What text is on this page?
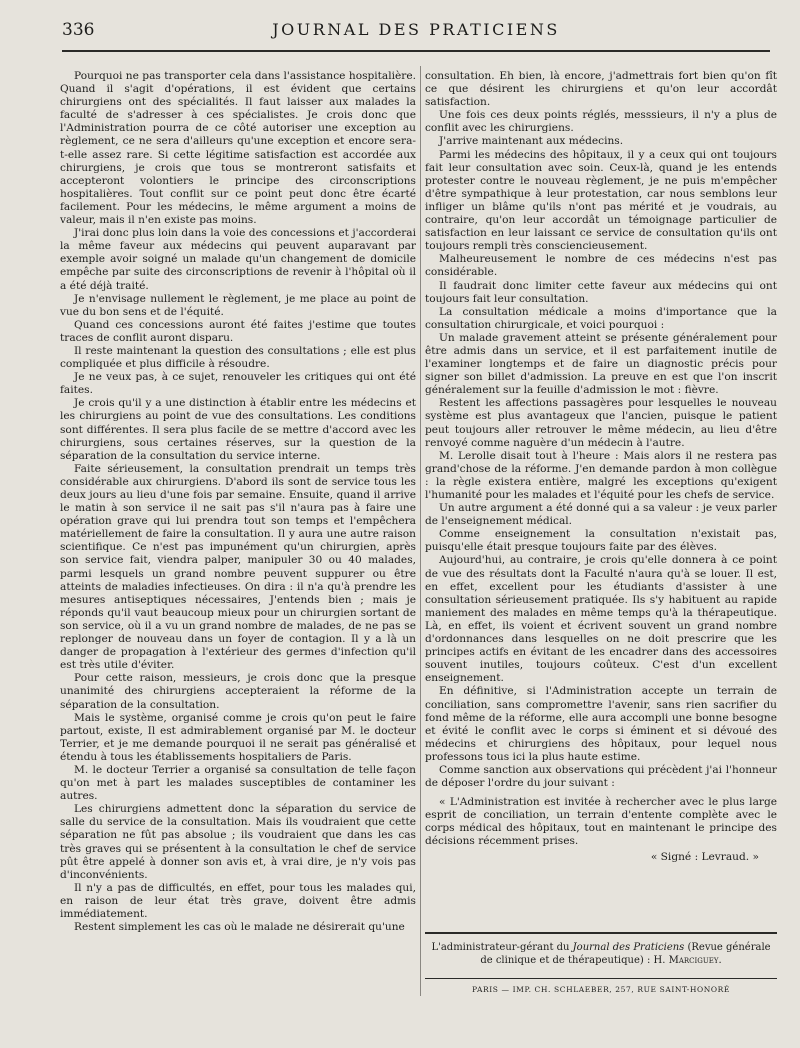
336	JOURNAL DES PRATICIENS

Pourquoi ne pas transporter cela dans l'assistance hospitalière. Quand il s'agit d'opérations, il est évident que certains chirurgiens ont des spécialités. Il faut laisser aux malades la faculté de s'adresser à ces spécialistes. Je crois donc que l'Administration pourra de ce côté autoriser une exception au règlement, ce ne sera d'ailleurs qu'une exception et encore sera-t-elle assez rare. Si cette légitime satisfaction est accordée aux chirurgiens, je crois que tous se montreront satisfaits et accepteront volontiers le principe des circonscriptions hospitalières. Tout conflit sur ce point peut donc être écarté facilement. Pour les médecins, le même argument a moins de valeur, mais il n'en existe pas moins.

J'irai donc plus loin dans la voie des concessions et j'accorderai la même faveur aux médecins qui peuvent auparavant par exemple avoir soigné un malade qu'un changement de domicile empêche par suite des circonscriptions de revenir à l'hôpital où il a été déjà traité.

Je n'envisage nullement le règlement, je me place au point de vue du bon sens et de l'équité.

Quand ces concessions auront été faites j'estime que toutes traces de conflit auront disparu.

Il reste maintenant la question des consultations ; elle est plus compliquée et plus difficile à résoudre.

Je ne veux pas, à ce sujet, renouveler les critiques qui ont été faites.

Je crois qu'il y a une distinction à établir entre les médecins et les chirurgiens au point de vue des consultations. Les conditions sont différentes. Il sera plus facile de se mettre d'accord avec les chirurgiens, sous certaines réserves, sur la question de la séparation de la consultation du service interne.

Faite sérieusement, la consultation prendrait un temps très considérable aux chirurgiens. D'abord ils sont de service tous les deux jours au lieu d'une fois par semaine. Ensuite, quand il arrive le matin à son service il ne sait pas s'il n'aura pas à faire une opération grave qui lui prendra tout son temps et l'empêchera matériellement de faire la consultation. Il y aura une autre raison scientifique. Ce n'est pas impunément qu'un chirurgien, après son service fait, viendra palper, manipuler 30 ou 40 malades, parmi lesquels un grand nombre peuvent suppurer ou être atteints de maladies infectieuses. On dira : il n'a qu'à prendre les mesures antiseptiques nécessaires, J'entends bien ; mais je réponds qu'il vaut beaucoup mieux pour un chirurgien sortant de son service, où il a vu un grand nombre de malades, de ne pas se replonger de nouveau dans un foyer de contagion. Il y a là un danger de propagation à l'extérieur des germes d'infection qu'il est très utile d'éviter.

Pour cette raison, messieurs, je crois donc que la presque unanimité des chirurgiens accepteraient la réforme de la séparation de la consultation.

Mais le système, organisé comme je crois qu'on peut le faire partout, existe, Il est admirablement organisé par M. le docteur Terrier, et je me demande pourquoi il ne serait pas généralisé et étendu à tous les établissements hospitaliers de Paris.

M. le docteur Terrier a organisé sa consultation de telle façon qu'on met à part les malades susceptibles de contaminer les autres.

Les chirurgiens admettent donc la séparation du service de salle du service de la consultation. Mais ils voudraient que cette séparation ne fût pas absolue ; ils voudraient que dans les cas très graves qui se présentent à la consultation le chef de service pût être appelé à donner son avis et, à vrai dire, je n'y vois pas d'inconvénients.

Il n'y a pas de difficultés, en effet, pour tous les malades qui, en raison de leur état très grave, doivent être admis immédiatement.

Restent simplement les cas où le malade ne désirerait qu'une

consultation. Eh bien, là encore, j'admettrais fort bien qu'on fît ce que désirent les chirurgiens et qu'on leur accordât satisfaction.

Une fois ces deux points réglés, messsieurs, il n'y a plus de conflit avec les chirurgiens.

J'arrive maintenant aux médecins.

Parmi les médecins des hôpitaux, il y a ceux qui ont toujours fait leur consultation avec soin. Ceux-là, quand je les entends protester contre le nouveau règlement, je ne puis m'empêcher d'être sympathique à leur protestation, car nous semblons leur infliger un blâme qu'ils n'ont pas mérité et je voudrais, au contraire, qu'on leur accordât un témoignage particulier de satisfaction en leur laissant ce service de consultation qu'ils ont toujours rempli très consciencieusement.

Malheureusement le nombre de ces médecins n'est pas considérable.

Il faudrait donc limiter cette faveur aux médecins qui ont toujours fait leur consultation.

La consultation médicale a moins d'importance que la consultation chirurgicale, et voici pourquoi :

Un malade gravement atteint se présente généralement pour être admis dans un service, et il est parfaitement inutile de l'examiner longtemps et de faire un diagnostic précis pour signer son billet d'admission. La preuve en est que l'on inscrit généralement sur la feuille d'admission le mot : fièvre.

Restent les affections passagères pour lesquelles le nouveau système est plus avantageux que l'ancien, puisque le patient peut toujours aller retrouver le même médecin, au lieu d'être renvoyé comme naguère d'un médecin à l'autre.

M. Lerolle disait tout à l'heure : Mais alors il ne restera pas grand'chose de la réforme. J'en demande pardon à mon collègue : la règle existera entière, malgré les exceptions qu'exigent l'humanité pour les malades et l'équité pour les chefs de service.

Un autre argument a été donné qui a sa valeur : je veux parler de l'enseignement médical.

Comme enseignement la consultation n'existait pas, puisqu'elle était presque toujours faite par des élèves.

Aujourd'hui, au contraire, je crois qu'elle donnera à ce point de vue des résultats dont la Faculté n'aura qu'à se louer. Il est, en effet, excellent pour les étudiants d'assister à une consultation sérieusement pratiquée. Ils s'y habituent au rapide maniement des malades en même temps qu'à la thérapeutique. Là, en effet, ils voient et écrivent souvent un grand nombre d'ordonnances dans lesquelles on ne doit prescrire que les principes actifs en évitant de les encadrer dans des accessoires souvent inutiles, toujours coûteux. C'est d'un excellent enseignement.

En définitive, si l'Administration accepte un terrain de conciliation, sans compromettre l'avenir, sans rien sacrifier du fond même de la réforme, elle aura accompli une bonne besogne et évité le conflit avec le corps si éminent et si dévoué des médecins et chirurgiens des hôpitaux, pour lequel nous professons tous ici la plus haute estime.

Comme sanction aux observations qui précèdent j'ai l'honneur de déposer l'ordre du jour suivant :

« L'Administration est invitée à rechercher avec le plus large esprit de conciliation, un terrain d'entente complète avec le corps médical des hôpitaux, tout en maintenant le principe des décisions récemment prises.

« Signé : Levraud. »
L'administrateur-gérant du Journal des Praticiens (Revue générale de clinique et de thérapeutique) : H. Marciguey.
PARIS — IMP. CH. SCHLAEBER, 257, RUE SAINT-HONORÉ
